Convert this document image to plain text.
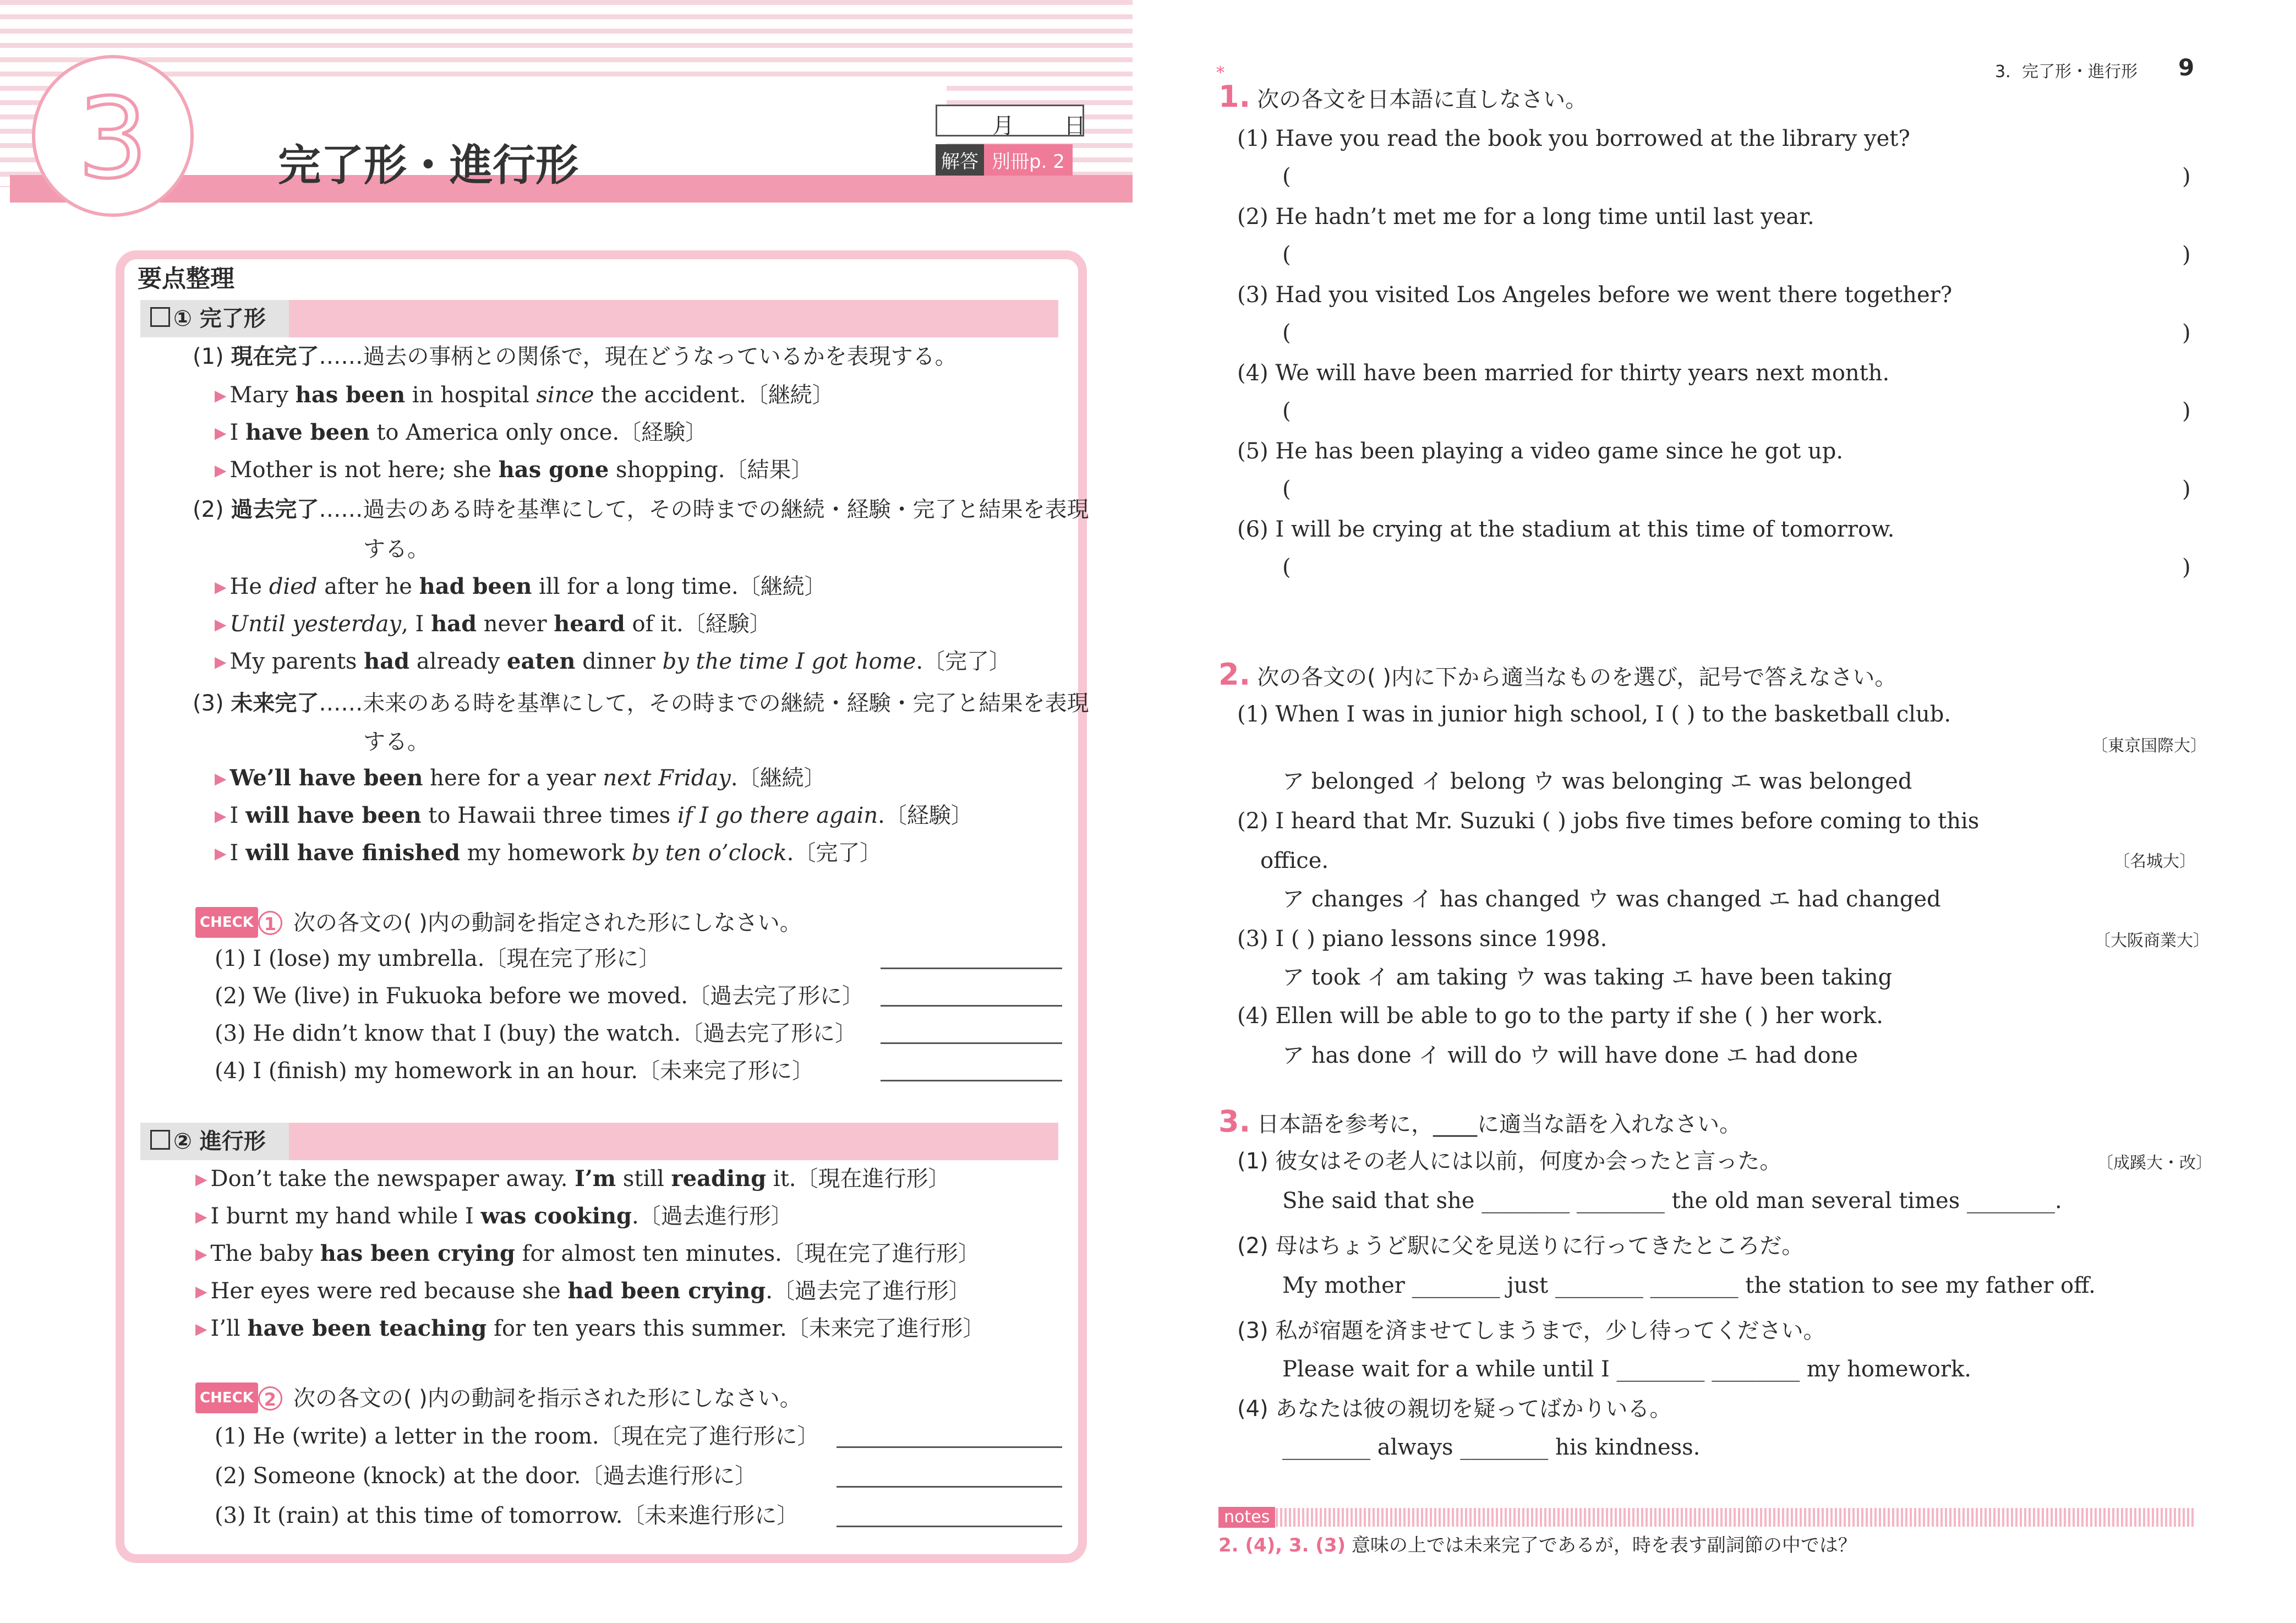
3	完了形・進行形
月 日
解答 別冊p. 2
要点整理
① 完了形
(1) 現在完了……過去の事柄との関係で，現在どうなっているかを表現する。
▶ Mary has been in hospital since the accident.〔継続〕
▶ I have been to America only once.〔経験〕
▶ Mother is not here; she has gone shopping.〔結果〕
(2) 過去完了……過去のある時を基準にして，その時までの継続・経験・完了と結果を表現
する。
▶ He died after he had been ill for a long time.〔継続〕
▶ Until yesterday, I had never heard of it.〔経験〕
▶ My parents had already eaten dinner by the time I got home.〔完了〕
(3) 未来完了……未来のある時を基準にして，その時までの継続・経験・完了と結果を表現
する。
▶ We’ll have been here for a year next Friday.〔継続〕
▶ I will have been to Hawaii three times if I go there again.〔経験〕
▶ I will have finished my homework by ten o’clock.〔完了〕
CHECK 1 次の各文の( )内の動詞を指定された形にしなさい。
(1) I (lose) my umbrella.〔現在完了形に〕
(2) We (live) in Fukuoka before we moved.〔過去完了形に〕
(3) He didn’t know that I (buy) the watch.〔過去完了形に〕
(4) I (finish) my homework in an hour.〔未来完了形に〕
② 進行形
▶ Don’t take the newspaper away. I’m still reading it.〔現在進行形〕
▶ I burnt my hand while I was cooking.〔過去進行形〕
▶ The baby has been crying for almost ten minutes.〔現在完了進行形〕
▶ Her eyes were red because she had been crying.〔過去完了進行形〕
▶ I’ll have been teaching for ten years this summer.〔未来完了進行形〕
CHECK 2 次の各文の( )内の動詞を指示された形にしなさい。
(1) He (write) a letter in the room.〔現在完了進行形に〕
(2) Someone (knock) at the door.〔過去進行形に〕
(3) It (rain) at this time of tomorrow.〔未来進行形に〕
3．完了形・進行形 9
*
1. 次の各文を日本語に直しなさい。
(1) Have you read the book you borrowed at the library yet?
(	)
(2) He hadn’t met me for a long time until last year.
(	)
(3) Had you visited Los Angeles before we went there together?
(	)
(4) We will have been married for thirty years next month.
(	)
(5) He has been playing a video game since he got up.
(	)
(6) I will be crying at the stadium at this time of tomorrow.
(	)
2. 次の各文の( )内に下から適当なものを選び，記号で答えなさい。
(1) When I was in junior high school, I ( ) to the basketball club.
〔東京国際大〕
ア belonged イ belong ウ was belonging エ was belonged
(2) I heard that Mr. Suzuki ( ) jobs five times before coming to this
office.	〔名城大〕
ア changes イ has changed ウ was changed エ had changed
(3) I ( ) piano lessons since 1998.	〔大阪商業大〕
ア took イ am taking ウ was taking エ have been taking
(4) Ellen will be able to go to the party if she ( ) her work.
ア has done イ will do ウ will have done エ had done
3. 日本語を参考に，____に適当な語を入れなさい。
(1) 彼女はその老人には以前，何度か会ったと言った。	〔成蹊大・改〕
She said that she ________ ________ the old man several times ________.
(2) 母はちょうど駅に父を見送りに行ってきたところだ。
My mother ________ just ________ ________ the station to see my father off.
(3) 私が宿題を済ませてしまうまで，少し待ってください。
Please wait for a while until I ________ ________ my homework.
(4) あなたは彼の親切を疑ってばかりいる。
________ always ________ his kindness.
notes
2. (4), 3. (3) 意味の上では未来完了であるが，時を表す副詞節の中では？
